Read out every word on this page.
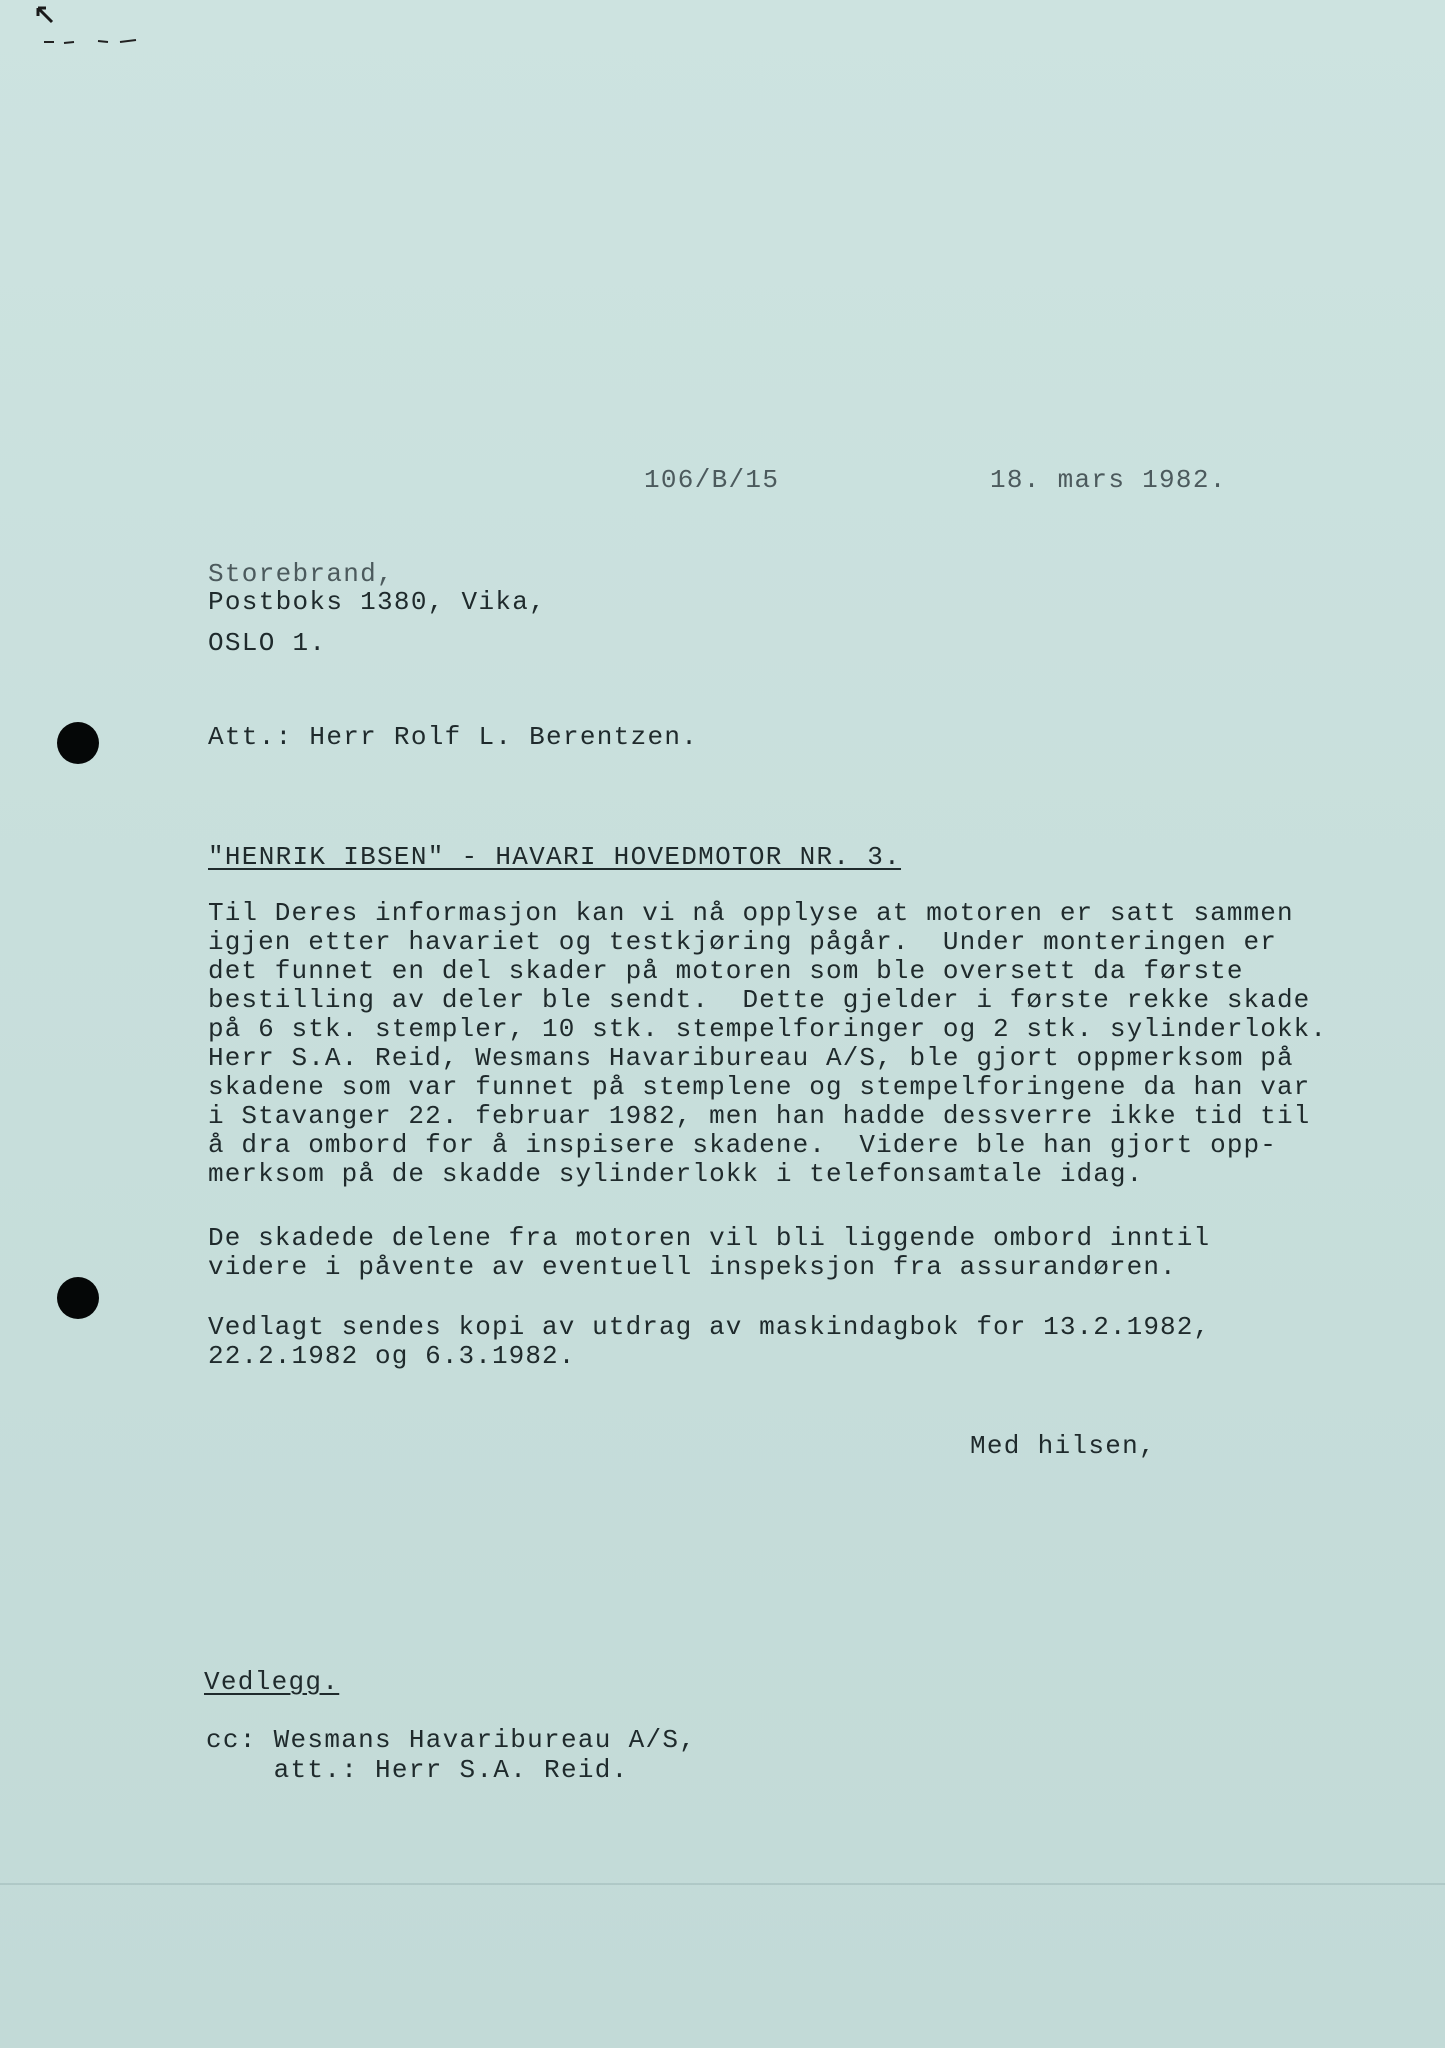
106/B/15	18. mars 1982.
Storebrand,
Postboks 1380, Vika,
OSLO 1.
Att.: Herr Rolf L. Berentzen.
"HENRIK IBSEN" - HAVARI HOVEDMOTOR NR. 3.
Til Deres informasjon kan vi nå opplyse at motoren er satt sammen
igjen etter havariet og testkjøring pågår.  Under monteringen er
det funnet en del skader på motoren som ble oversett da første
bestilling av deler ble sendt.  Dette gjelder i første rekke skade
på 6 stk. stempler, 10 stk. stempelforinger og 2 stk. sylinderlokk.
Herr S.A. Reid, Wesmans Havaribureau A/S, ble gjort oppmerksom på
skadene som var funnet på stemplene og stempelforingene da han var
i Stavanger 22. februar 1982, men han hadde dessverre ikke tid til
å dra ombord for å inspisere skadene.  Videre ble han gjort opp-
merksom på de skadde sylinderlokk i telefonsamtale idag.
De skadede delene fra motoren vil bli liggende ombord inntil
videre i påvente av eventuell inspeksjon fra assurandøren.
Vedlagt sendes kopi av utdrag av maskindagbok for 13.2.1982,
22.2.1982 og 6.3.1982.
Med hilsen,
Vedlegg.
cc: Wesmans Havaribureau A/S,
att.: Herr S.A. Reid.
